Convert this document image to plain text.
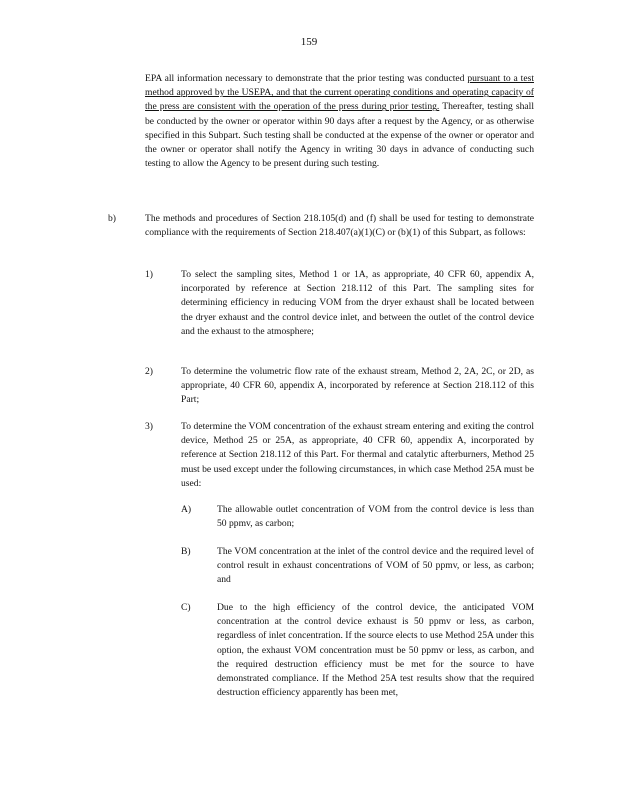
159

EPA all information necessary to demonstrate that the prior testing was conducted pursuant to a test method approved by the USEPA, and that the current operating conditions and operating capacity of the press are consistent with the operation of the press during prior testing. Thereafter, testing shall be conducted by the owner or operator within 90 days after a request by the Agency, or as otherwise specified in this Subpart. Such testing shall be conducted at the expense of the owner or operator and the owner or operator shall notify the Agency in writing 30 days in advance of conducting such testing to allow the Agency to be present during such testing.

b)	The methods and procedures of Section 218.105(d) and (f) shall be used for testing to demonstrate compliance with the requirements of Section 218.407(a)(1)(C) or (b)(1) of this Subpart, as follows:

1)	To select the sampling sites, Method 1 or 1A, as appropriate, 40 CFR 60, appendix A, incorporated by reference at Section 218.112 of this Part. The sampling sites for determining efficiency in reducing VOM from the dryer exhaust shall be located between the dryer exhaust and the control device inlet, and between the outlet of the control device and the exhaust to the atmosphere;

2)	To determine the volumetric flow rate of the exhaust stream, Method 2, 2A, 2C, or 2D, as appropriate, 40 CFR 60, appendix A, incorporated by reference at Section 218.112 of this Part;

3)	To determine the VOM concentration of the exhaust stream entering and exiting the control device, Method 25 or 25A, as appropriate, 40 CFR 60, appendix A, incorporated by reference at Section 218.112 of this Part. For thermal and catalytic afterburners, Method 25 must be used except under the following circumstances, in which case Method 25A must be used:

A)	The allowable outlet concentration of VOM from the control device is less than 50 ppmv, as carbon;

B)	The VOM concentration at the inlet of the control device and the required level of control result in exhaust concentrations of VOM of 50 ppmv, or less, as carbon; and

C)	Due to the high efficiency of the control device, the anticipated VOM concentration at the control device exhaust is 50 ppmv or less, as carbon, regardless of inlet concentration. If the source elects to use Method 25A under this option, the exhaust VOM concentration must be 50 ppmv or less, as carbon, and the required destruction efficiency must be met for the source to have demonstrated compliance. If the Method 25A test results show that the required destruction efficiency apparently has been met,
